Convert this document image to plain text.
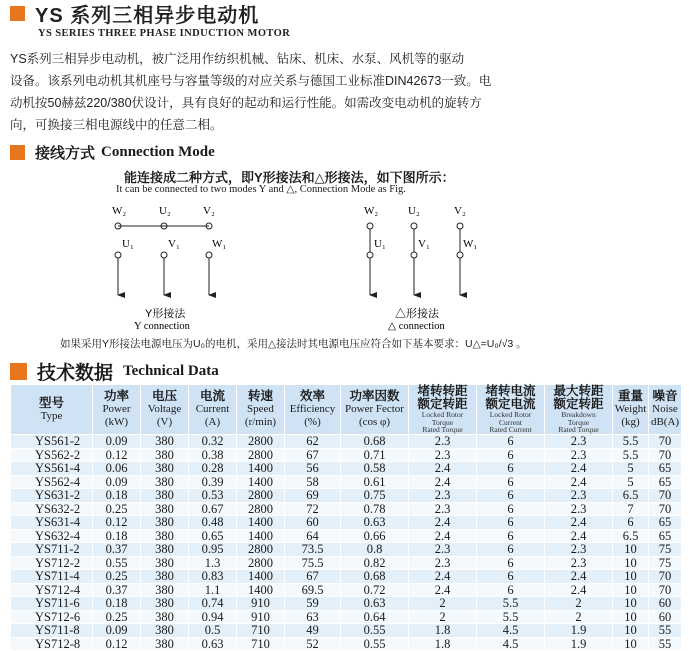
YS 系列三相异步电动机
YS SERIES THREE PHASE INDUCTION MOTOR

YS系列三相异步电动机，被广泛用作纺织机械、钻床、机床、水泵、风机等的驱动

设备。该系列电动机其机座号与容量等级的对应关系与德国工业标准DIN42673一致。电

动机按50赫兹220/380伏设计，具有良好的起动和运行性能。如需改变电动机的旋转方

向，可换接三相电源线中的任意二相。

接线方式 Connection Mode
能连接成二种方式，即Y形接法和△形接法，如下图所示：
It can be connected to two modes Y and △, Connection Mode as Fig.
W₂	U₂	V₂
U₁	V₁	W₁
Y形接法
Y connection
W₂	U₂	V₂
U₁	V₁	W₁
△形接法
△ connection
如果采用Y形接法电源电压为U₀的电机，采用△接法时其电源电压应符合如下基本要求：U△=U₀/√3 。
技术数据 Technical Data
型号
Type	功率
Power
(kW)	电压
Voltage
(V)	电流
Current
(A)	转速
Speed
(r/min)	效率
Efficiency
(%)	功率因数
Power Fector
(cos φ)	堵转转距
额定转距
Locked Rotor
Torque
Rated Torque	堵转电流
额定电流
Locked Rotor
Current
Rated Current	最大转距
额定转距
Breakdown
Torque
Rated Torque	重量
Weight
(kg)	噪音
Noise
dB(A)

YS561-2	0.09	380	0.32	2800	62	0.68	2.3	6	2.3	5.5	70
YS562-2	0.12	380	0.38	2800	67	0.71	2.3	6	2.3	5.5	70
YS561-4	0.06	380	0.28	1400	56	0.58	2.4	6	2.4	5	65
YS562-4	0.09	380	0.39	1400	58	0.61	2.4	6	2.4	5	65
YS631-2	0.18	380	0.53	2800	69	0.75	2.3	6	2.3	6.5	70
YS632-2	0.25	380	0.67	2800	72	0.78	2.3	6	2.3	7	70
YS631-4	0.12	380	0.48	1400	60	0.63	2.4	6	2.4	6	65
YS632-4	0.18	380	0.65	1400	64	0.66	2.4	6	2.4	6.5	65
YS711-2	0.37	380	0.95	2800	73.5	0.8	2.3	6	2.3	10	75
YS712-2	0.55	380	1.3	2800	75.5	0.82	2.3	6	2.3	10	75
YS711-4	0.25	380	0.83	1400	67	0.68	2.4	6	2.4	10	70
YS712-4	0.37	380	1.1	1400	69.5	0.72	2.4	6	2.4	10	70
YS711-6	0.18	380	0.74	910	59	0.63	2	5.5	2	10	60
YS712-6	0.25	380	0.94	910	63	0.64	2	5.5	2	10	60
YS711-8	0.09	380	0.5	710	49	0.55	1.8	4.5	1.9	10	55
YS712-8	0.12	380	0.63	710	52	0.55	1.8	4.5	1.9	10	55
